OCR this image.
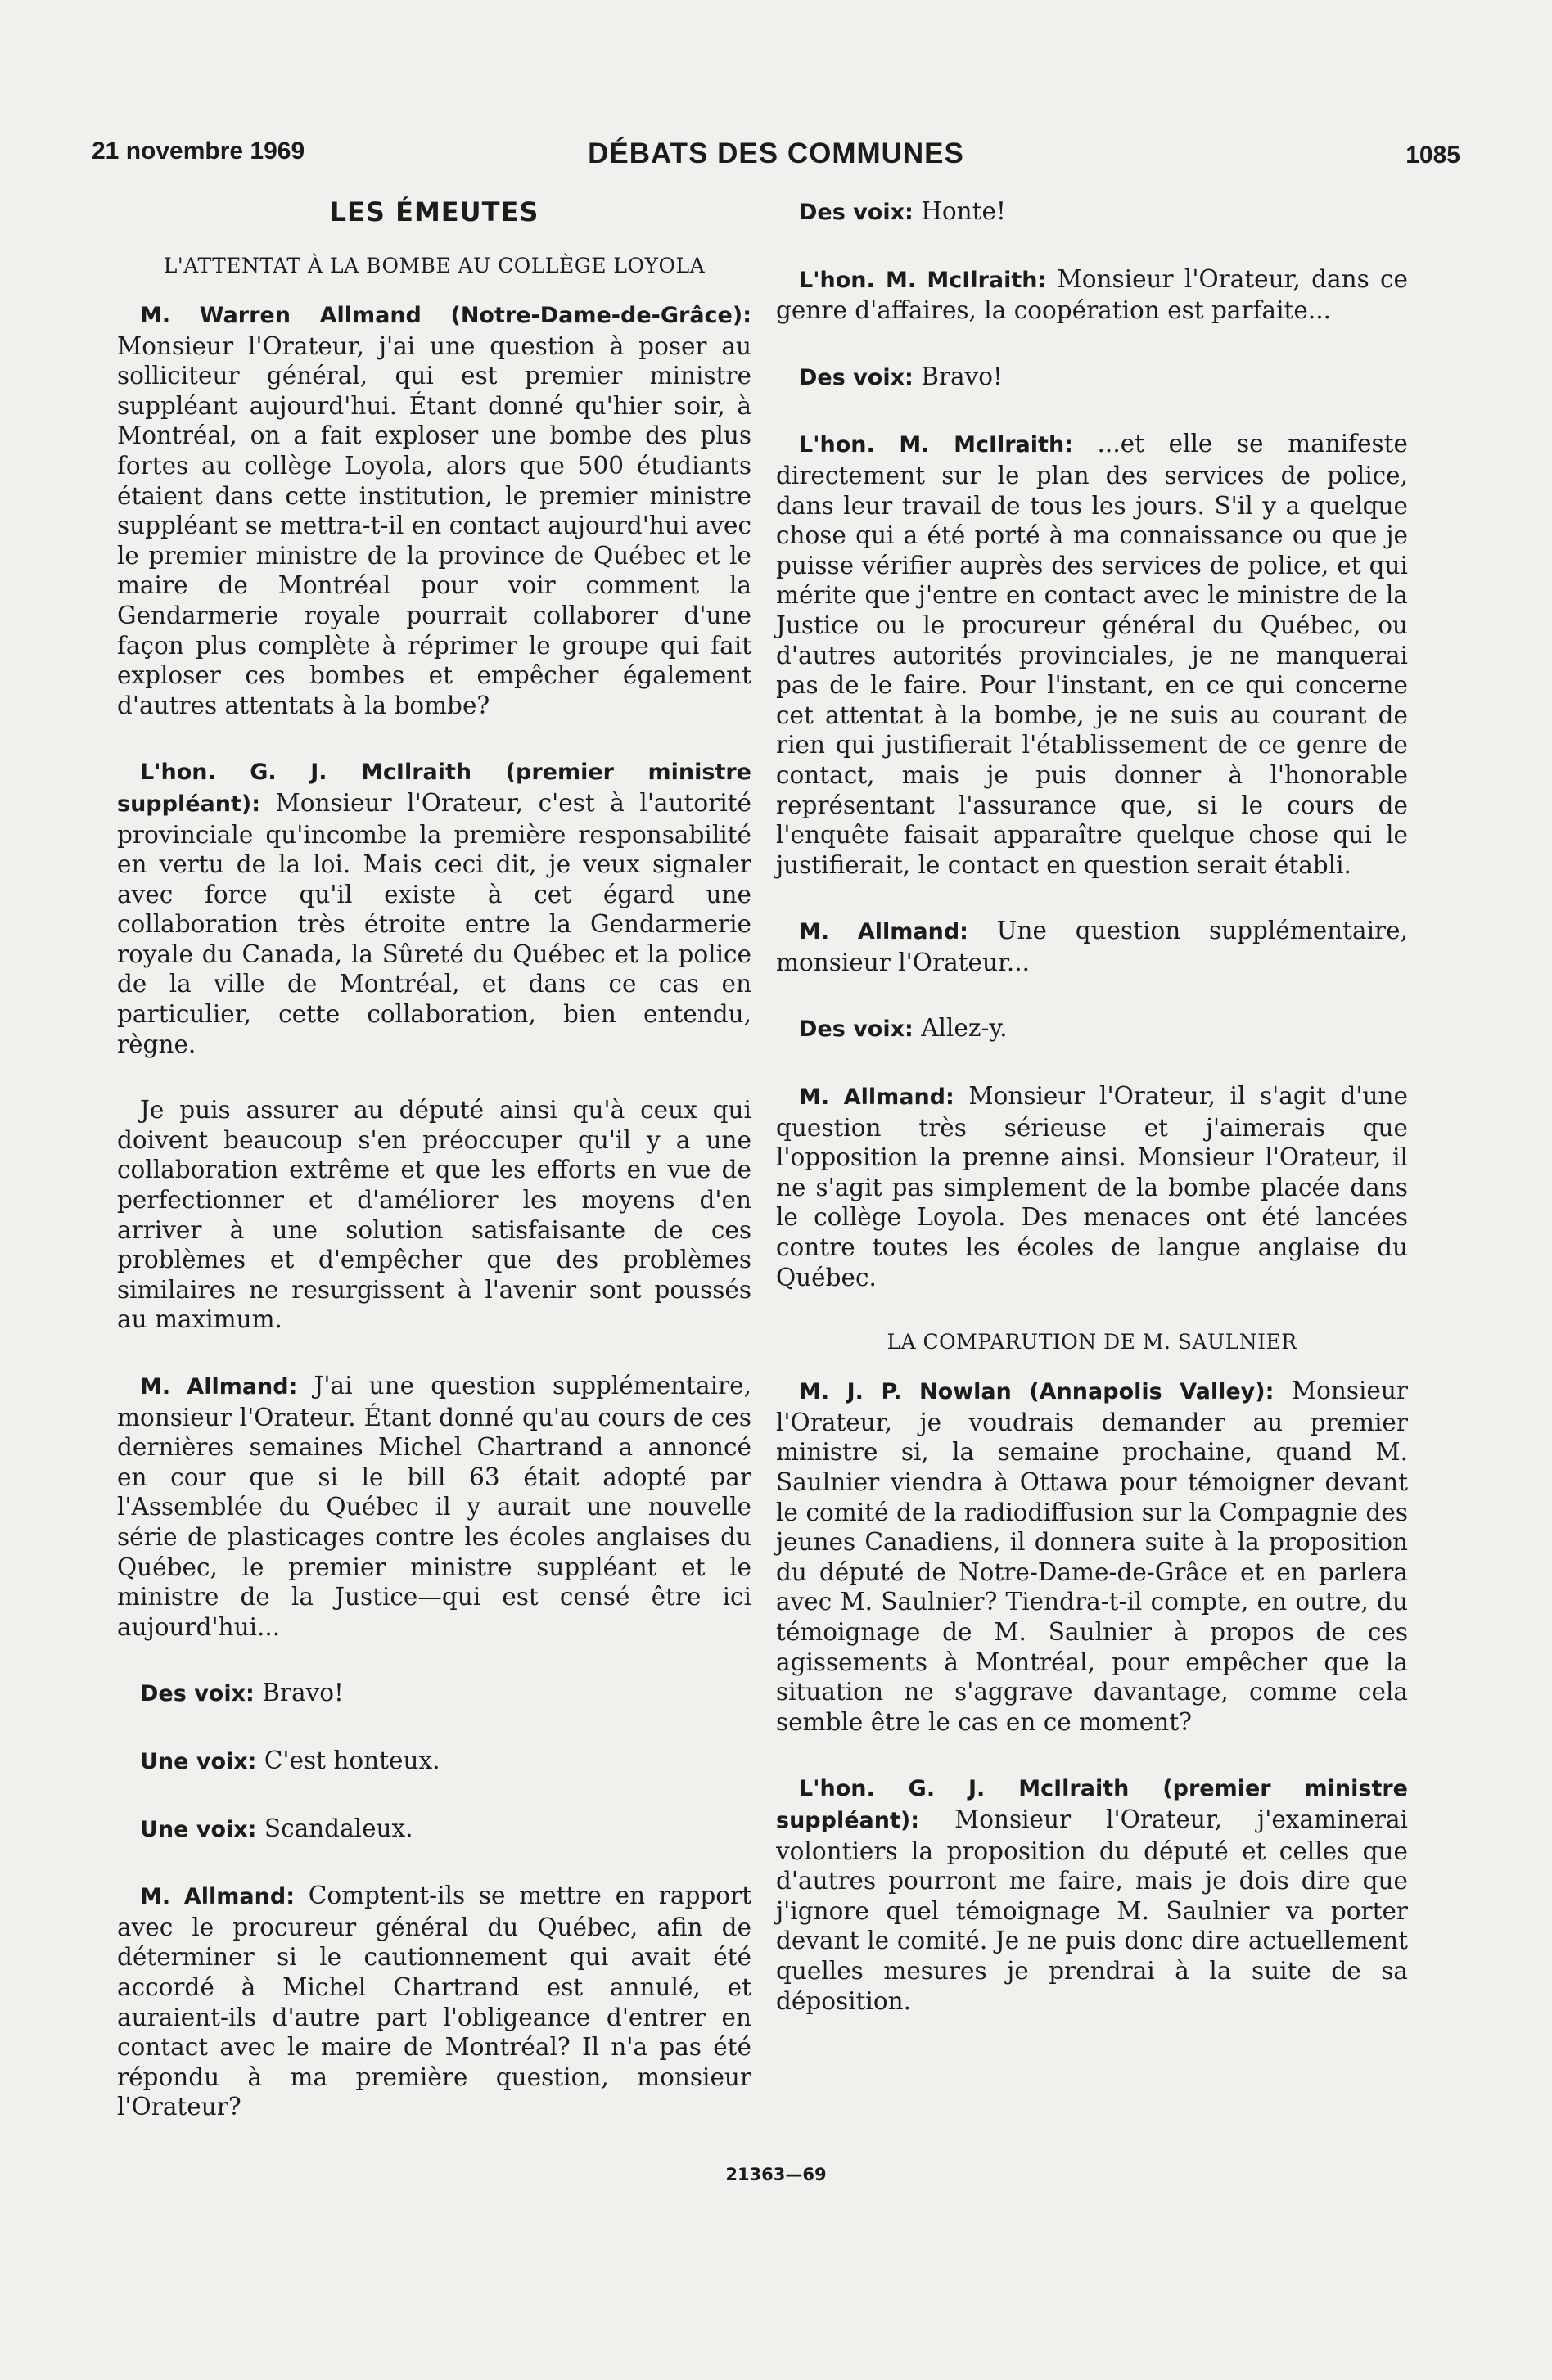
21 novembre 1969	DÉBATS DES COMMUNES	1085
LES ÉMEUTES
L'ATTENTAT À LA BOMBE AU COLLÈGE LOYOLA

M. Warren Allmand (Notre-Dame-de-Grâce): Monsieur l'Orateur, j'ai une question à poser au solliciteur général, qui est premier ministre suppléant aujourd'hui. Étant donné qu'hier soir, à Montréal, on a fait exploser une bombe des plus fortes au collège Loyola, alors que 500 étudiants étaient dans cette institution, le premier ministre suppléant se mettra-t-il en contact aujourd'hui avec le premier ministre de la province de Québec et le maire de Montréal pour voir comment la Gendarmerie royale pourrait collaborer d'une façon plus complète à réprimer le groupe qui fait exploser ces bombes et empêcher également d'autres attentats à la bombe?

L'hon. G. J. McIlraith (premier ministre suppléant): Monsieur l'Orateur, c'est à l'autorité provinciale qu'incombe la première responsabilité en vertu de la loi. Mais ceci dit, je veux signaler avec force qu'il existe à cet égard une collaboration très étroite entre la Gendarmerie royale du Canada, la Sûreté du Québec et la police de la ville de Montréal, et dans ce cas en particulier, cette collaboration, bien entendu, règne.

Je puis assurer au député ainsi qu'à ceux qui doivent beaucoup s'en préoccuper qu'il y a une collaboration extrême et que les efforts en vue de perfectionner et d'améliorer les moyens d'en arriver à une solution satisfaisante de ces problèmes et d'empêcher que des problèmes similaires ne resurgissent à l'avenir sont poussés au maximum.

M. Allmand: J'ai une question supplémentaire, monsieur l'Orateur. Étant donné qu'au cours de ces dernières semaines Michel Chartrand a annoncé en cour que si le bill 63 était adopté par l'Assemblée du Québec il y aurait une nouvelle série de plasticages contre les écoles anglaises du Québec, le premier ministre suppléant et le ministre de la Justice—qui est censé être ici aujourd'hui...

Des voix: Bravo!

Une voix: C'est honteux.

Une voix: Scandaleux.

M. Allmand: Comptent-ils se mettre en rapport avec le procureur général du Québec, afin de déterminer si le cautionnement qui avait été accordé à Michel Chartrand est annulé, et auraient-ils d'autre part l'obligeance d'entrer en contact avec le maire de Montréal? Il n'a pas été répondu à ma première question, monsieur l'Orateur?

Des voix: Honte!

L'hon. M. McIlraith: Monsieur l'Orateur, dans ce genre d'affaires, la coopération est parfaite...

Des voix: Bravo!

L'hon. M. McIlraith: ...et elle se manifeste directement sur le plan des services de police, dans leur travail de tous les jours. S'il y a quelque chose qui a été porté à ma connaissance ou que je puisse vérifier auprès des services de police, et qui mérite que j'entre en contact avec le ministre de la Justice ou le procureur général du Québec, ou d'autres autorités provinciales, je ne manquerai pas de le faire. Pour l'instant, en ce qui concerne cet attentat à la bombe, je ne suis au courant de rien qui justifierait l'établissement de ce genre de contact, mais je puis donner à l'honorable représentant l'assurance que, si le cours de l'enquête faisait apparaître quelque chose qui le justifierait, le contact en question serait établi.

M. Allmand: Une question supplémentaire, monsieur l'Orateur...

Des voix: Allez-y.

M. Allmand: Monsieur l'Orateur, il s'agit d'une question très sérieuse et j'aimerais que l'opposition la prenne ainsi. Monsieur l'Orateur, il ne s'agit pas simplement de la bombe placée dans le collège Loyola. Des menaces ont été lancées contre toutes les écoles de langue anglaise du Québec.

LA COMPARUTION DE M. SAULNIER

M. J. P. Nowlan (Annapolis Valley): Monsieur l'Orateur, je voudrais demander au premier ministre si, la semaine prochaine, quand M. Saulnier viendra à Ottawa pour témoigner devant le comité de la radiodiffusion sur la Compagnie des jeunes Canadiens, il donnera suite à la proposition du député de Notre-Dame-de-Grâce et en parlera avec M. Saulnier? Tiendra-t-il compte, en outre, du témoignage de M. Saulnier à propos de ces agissements à Montréal, pour empêcher que la situation ne s'aggrave davantage, comme cela semble être le cas en ce moment?

L'hon. G. J. McIlraith (premier ministre suppléant): Monsieur l'Orateur, j'examinerai volontiers la proposition du député et celles que d'autres pourront me faire, mais je dois dire que j'ignore quel témoignage M. Saulnier va porter devant le comité. Je ne puis donc dire actuellement quelles mesures je prendrai à la suite de sa déposition.

21363—69
